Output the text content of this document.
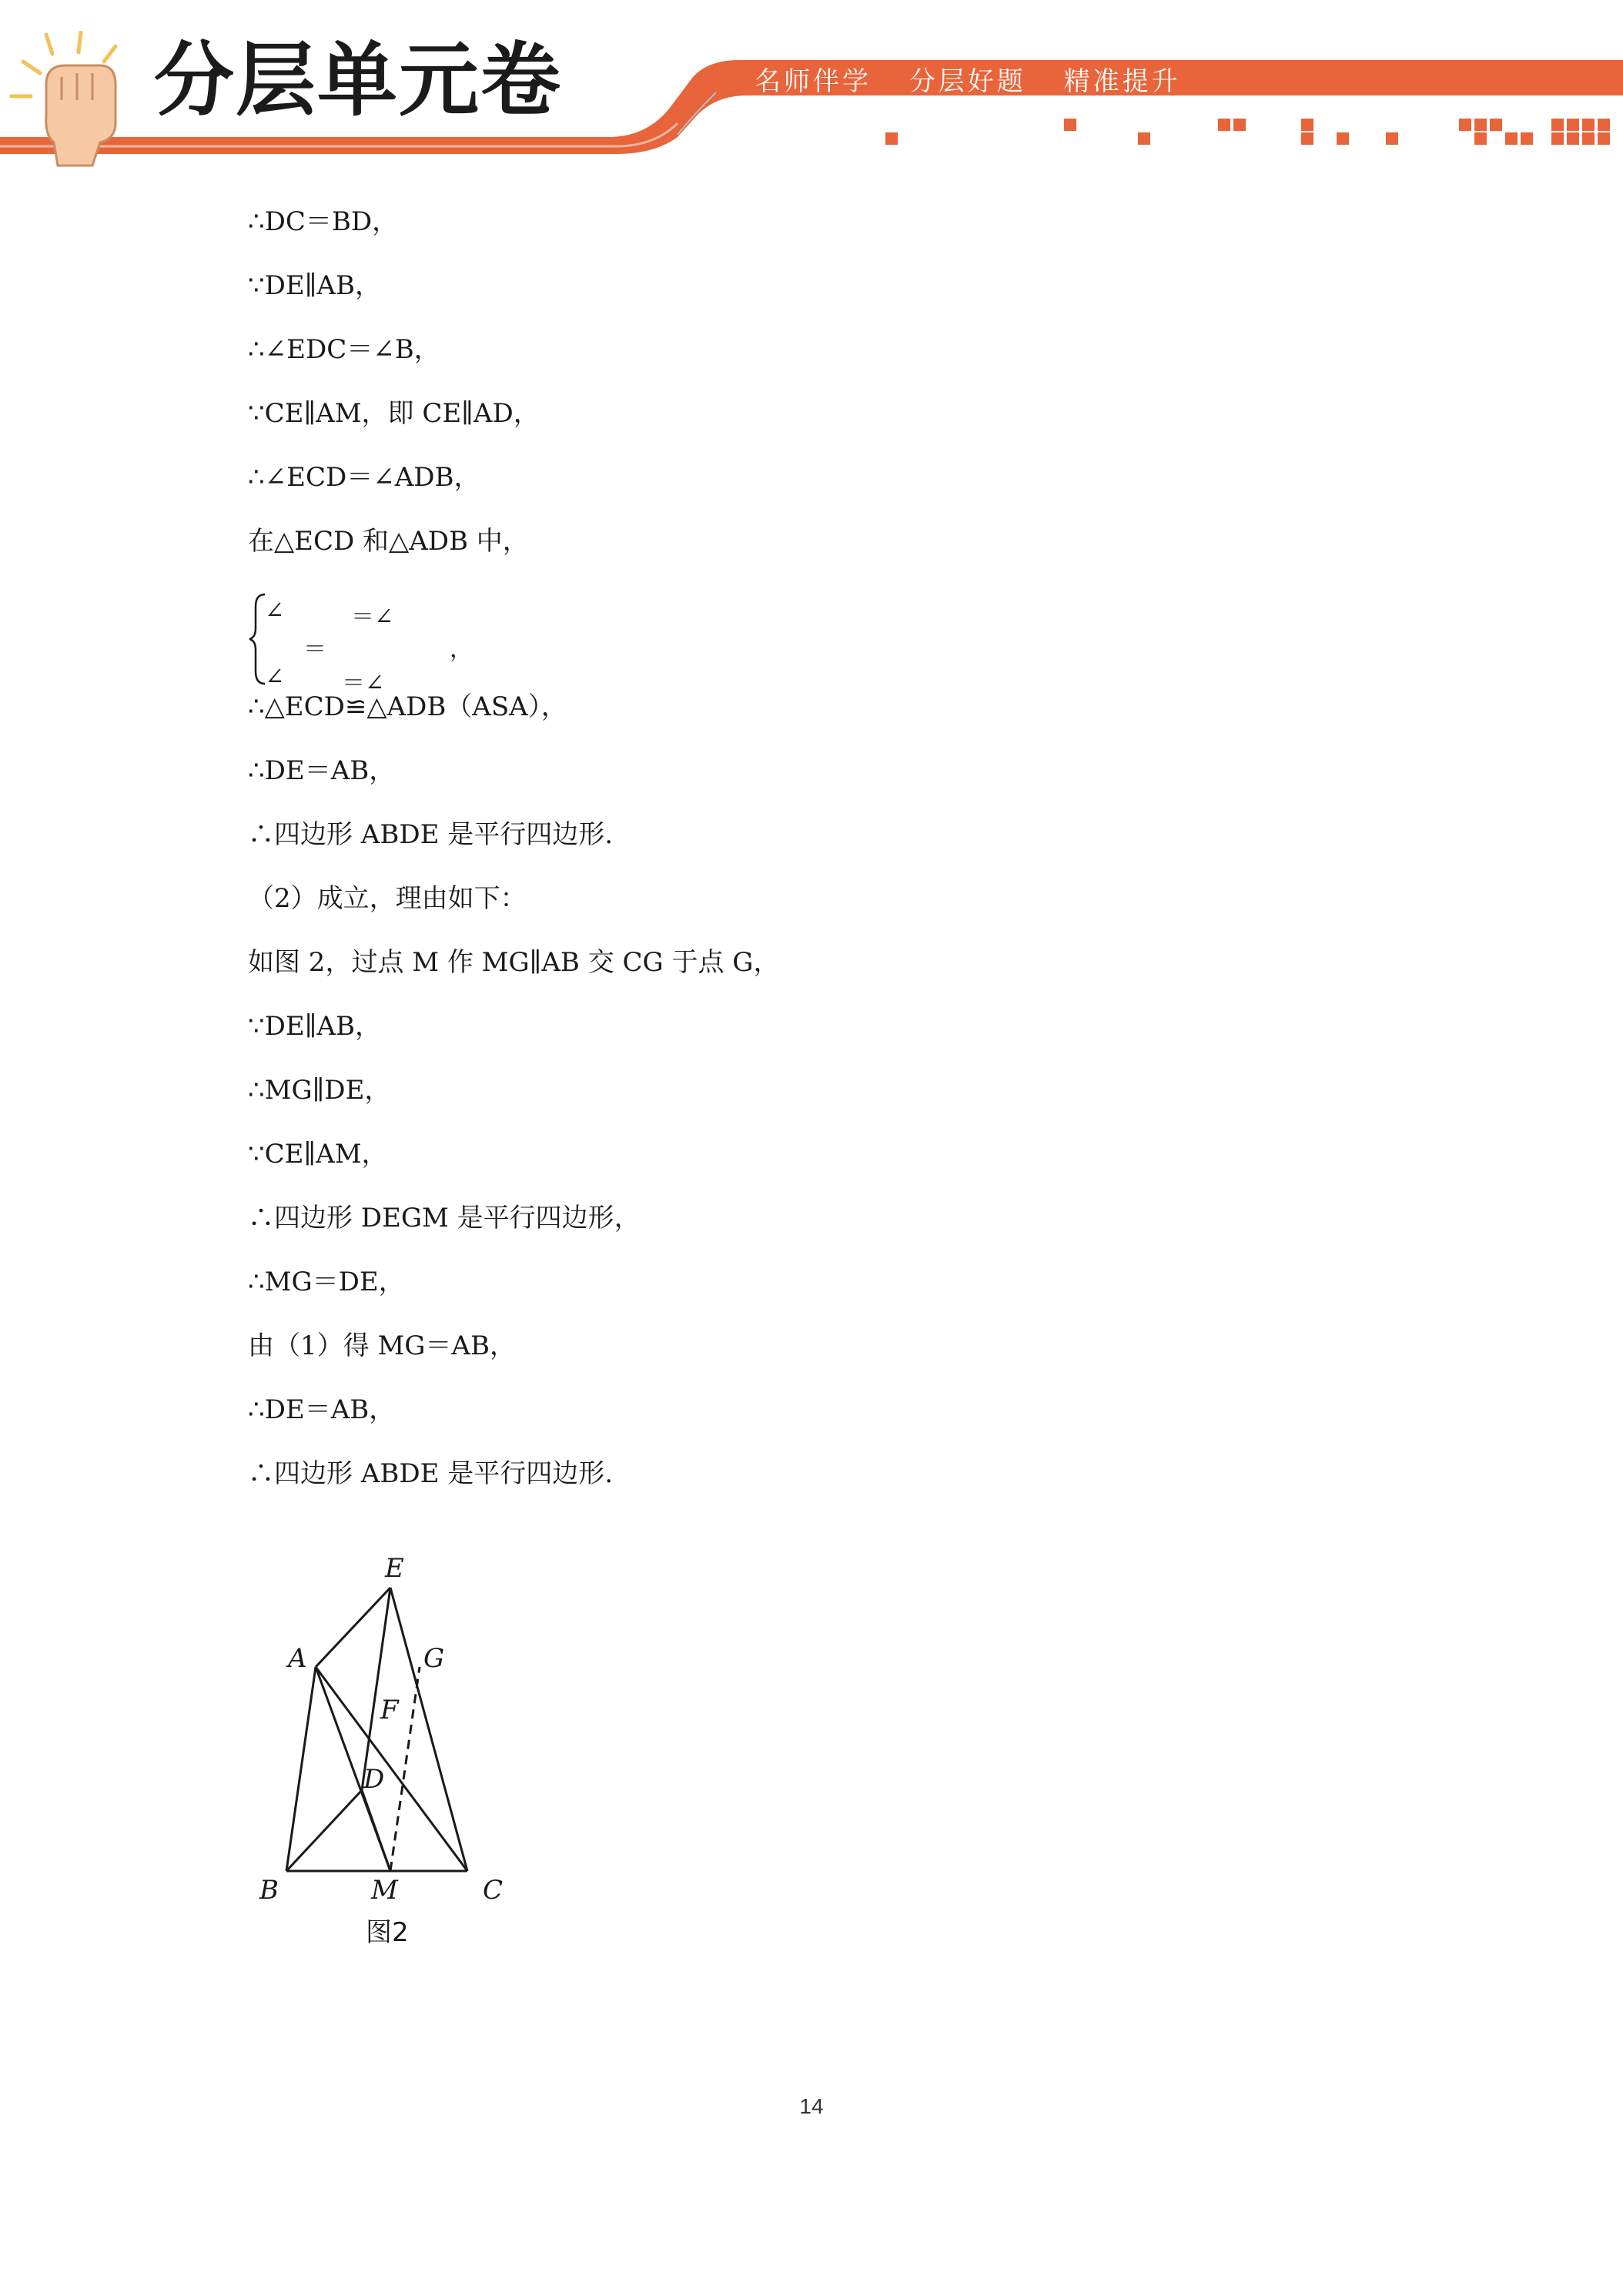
分层单元卷	名师伴学 分层好题 精准提升
∴DC＝BD，
∵DE∥AB，
∴∠EDC＝∠B，
∵CE∥AM，即 CE∥AD，
∴∠ECD＝∠ADB，
在△ECD 和△ADB 中，
∠	＝∠
＝
∠ ＝∠
，
∴△ECD≌△ADB（ASA），
∴DE＝AB，
∴四边形 ABDE 是平行四边形.
（2）成立，理由如下：
如图 2，过点 M 作 MG∥AB 交 CG 于点 G，
∵DE∥AB，
∴MG∥DE，
∵CE∥AM，
∴四边形 DEGM 是平行四边形，
∴MG＝DE，
由（1）得 MG＝AB，
∴DE＝AB，
∴四边形 ABDE 是平行四边形.
E
A	G
F
D
B	M	C
图2
14
